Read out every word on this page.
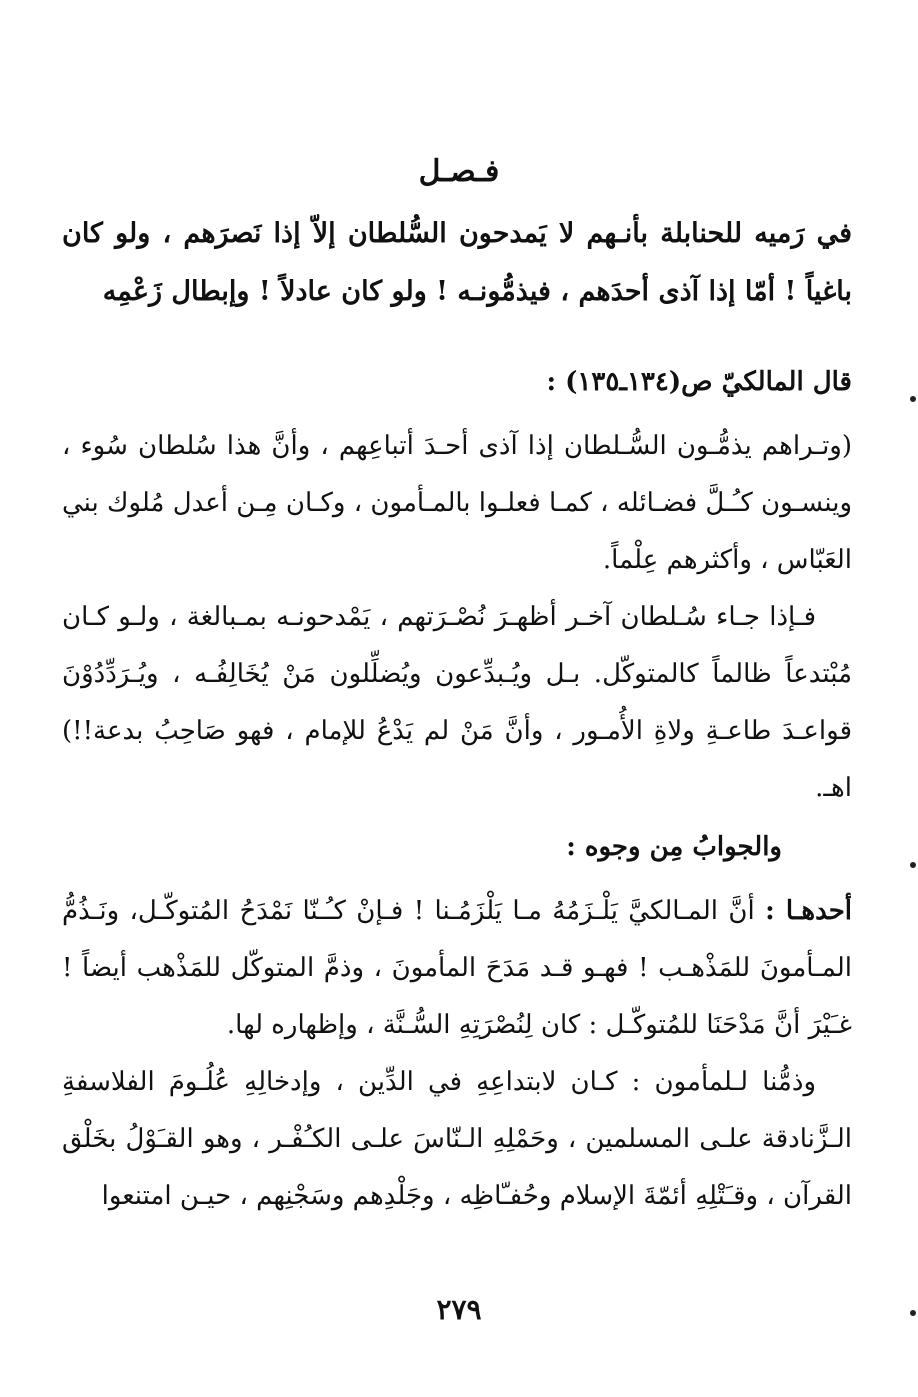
فـصـل
في رَميه للحنابلة بأنـهم لا يَمدحون السُّلطان إلاّ إذا نَصرَهم ، ولو كان باغياً ! أمّا إذا آذى أحدَهم ، فيذمُّونـه ! ولو كان عادلاً ! وإبطال زَعْمِه
قال المالكيّ ص(١٣٤ـ١٣٥) :

(وتـراهم يذمُّـون السُّـلطان إذا آذى أحـدَ أتباعِهم ، وأنَّ هذا سُلطان سُوء ، وينسـون كـُـلَّ فضـائله ، كمـا فعلـوا بالمـأمون ، وكـان مِـن أعدل مُلوك بني العَبّاس ، وأكثرهم عِلْماً.

فـإذا جـاء سُـلطان آخـر أظهـرَ نُصْـرَتهم ، يَمْدحونـه بمـبالغة ، ولـو كـان مُبْتدعاً ظالماً كالمتوكّل. بـل ويُـبدِّعون ويُضلِّلون مَنْ يُخَالِفُـه ، ويُـرَدِّدُوْنَ قواعـدَ طاعـةِ ولاةِ الأُمـور ، وأنَّ مَنْ لم يَدْعُ للإمام ، فهو صَاحِبُ بدعة!!) اهـ.

والجوابُ مِن وجوه :

أحدهـا : أنَّ المـالكيَّ يَلْـزَمُهُ مـا يَلْزَمُـنا ! فـإنْ كـُـنّا نَمْدَحُ المُتوكّـل، ونَـذُمُّ المـأمونَ للمَذْهـب ! فهـو قـد مَدَحَ المأمونَ ، وذمَّ المتوكّل للمَذْهب أيضاً ! غـَيْرَ أنَّ مَدْحَنَا للمُتوكّـل : كان لِنُصْرَتِهِ السُّـنَّة ، وإظهاره لها.

وذمُّنا لـلمأمون : كـان لابتداعِهِ في الدِّين ، وإدخالِهِ عُلُـومَ الفلاسفةِ الـزَّنادقة علـى المسلمين ، وحَمْلِهِ الـنّاسَ علـى الكـُفْـر ، وهو القـَوْلُ بخَلْق القرآن ، وقـَتْلِهِ أئمّةَ الإسلام وحُفـّاظِه ، وجَلْدِهم وسَجْنِهم ، حيـن امتنعوا

٢٧٩
